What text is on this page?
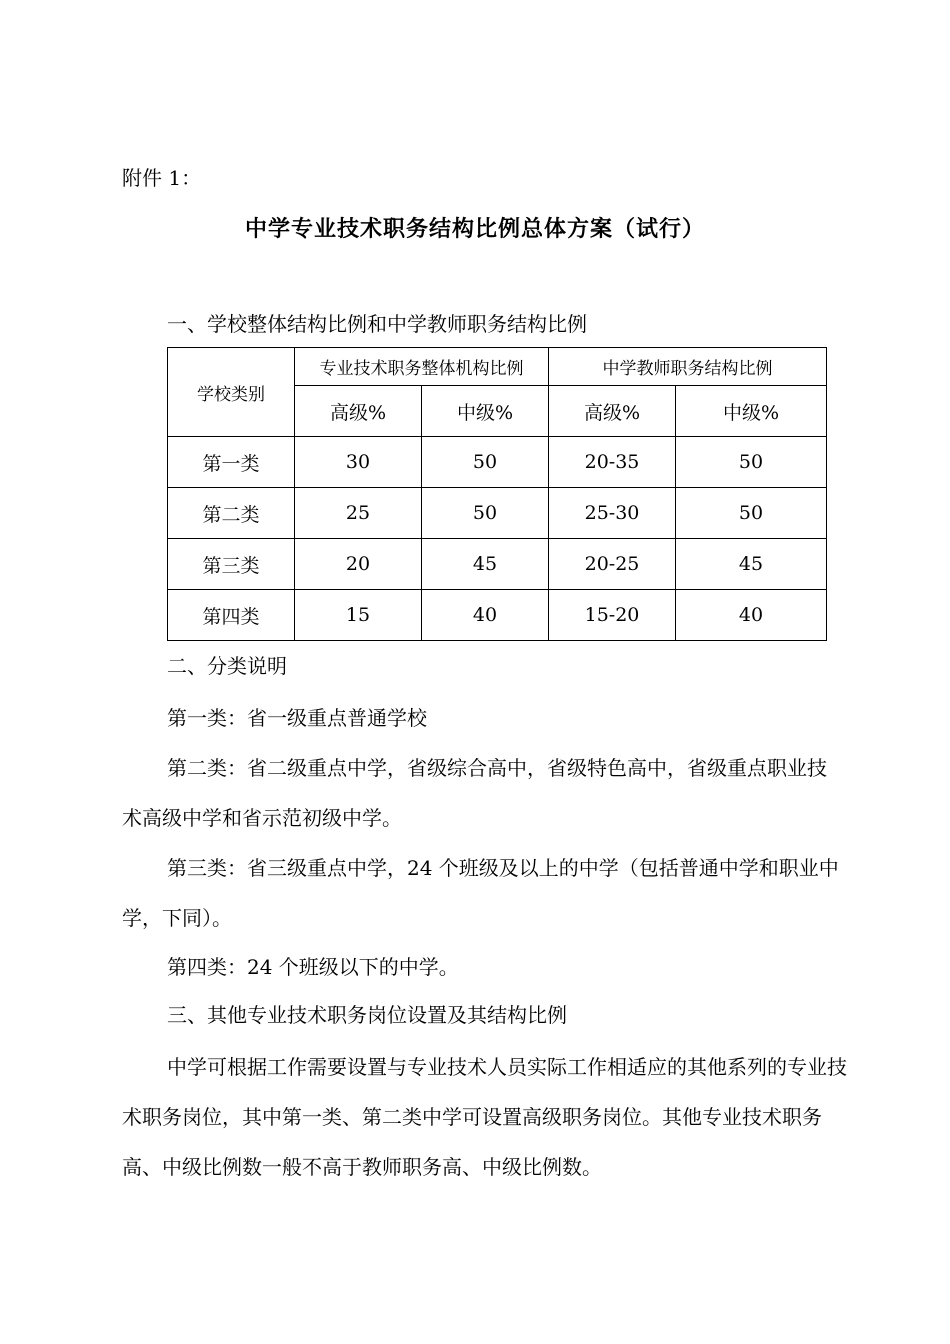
附件 1：
中学专业技术职务结构比例总体方案（试行）
一、学校整体结构比例和中学教师职务结构比例
学校类别	专业技术职务整体机构比例		中学教师职务结构比例	
	高级%	中级%	高级%	中级%
第一类	30	50	20-35	50
第二类	25	50	25-30	50
第三类	20	45	20-25	45
第四类	15	40	15-20	40
二、分类说明
第一类：省一级重点普通学校
第二类：省二级重点中学，省级综合高中，省级特色高中，省级重点职业技术高级中学和省示范初级中学。
第三类：省三级重点中学，24 个班级及以上的中学（包括普通中学和职业中学，下同）。
第四类：24 个班级以下的中学。
三、其他专业技术职务岗位设置及其结构比例
中学可根据工作需要设置与专业技术人员实际工作相适应的其他系列的专业技术职务岗位，其中第一类、第二类中学可设置高级职务岗位。其他专业技术职务高、中级比例数一般不高于教师职务高、中级比例数。
